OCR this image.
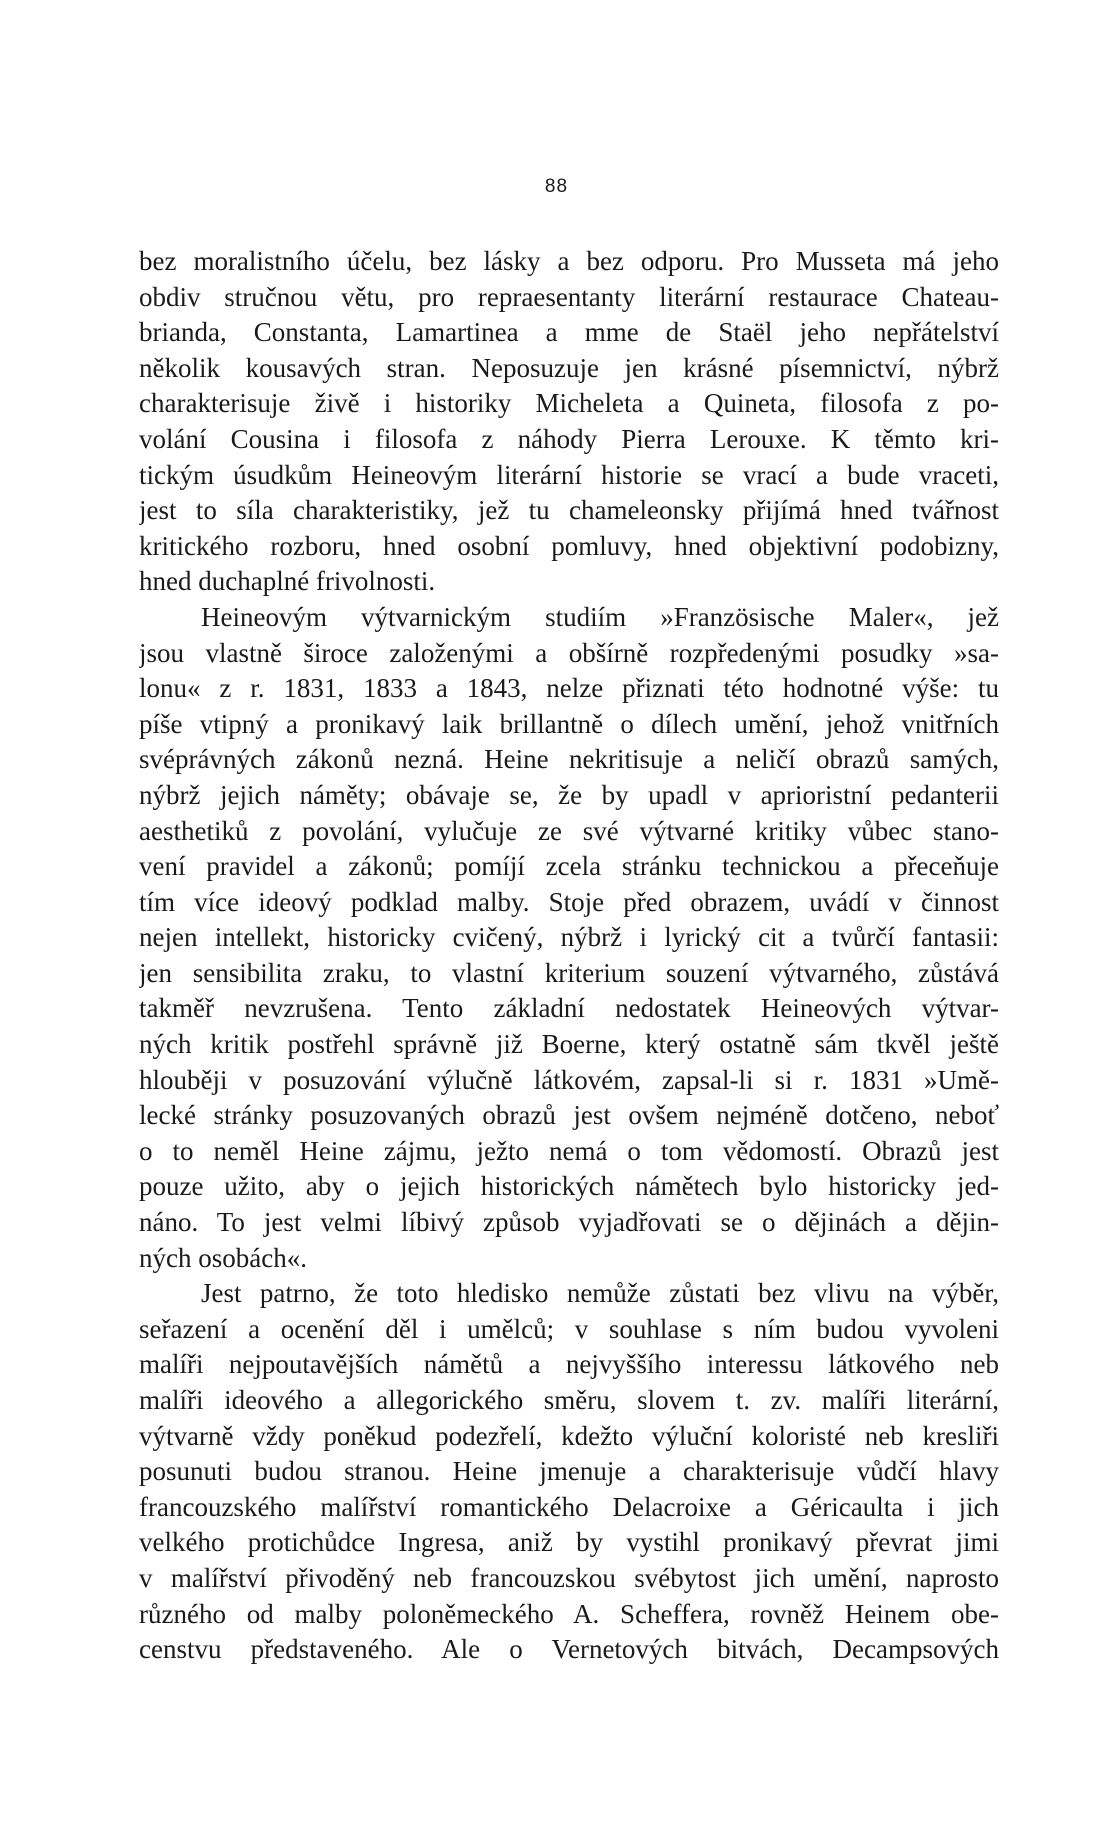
88
bez moralistního účelu, bez lásky a bez odporu. Pro Musseta má jeho
obdiv stručnou větu, pro repraesentanty literární restaurace Chateau-
brianda, Constanta, Lamartinea a mme de Staël jeho nepřátelství
několik kousavých stran. Neposuzuje jen krásné písemnictví, nýbrž
charakterisuje živě i historiky Micheleta a Quineta, filosofa z po-
volání Cousina i filosofa z náhody Pierra Lerouxe. K těmto kri-
tickým úsudkům Heineovým literární historie se vrací a bude vraceti,
jest to síla charakteristiky, jež tu chameleonsky přijímá hned tvářnost
kritického rozboru, hned osobní pomluvy, hned objektivní podobizny,
hned duchaplné frivolnosti.
Heineovým výtvarnickým studiím »Französische Maler«, jež
jsou vlastně široce založenými a obšírně rozpředenými posudky »sa-
lonu« z r. 1831, 1833 a 1843, nelze přiznati této hodnotné výše: tu
píše vtipný a pronikavý laik brillantně o dílech umění, jehož vnitřních
svéprávných zákonů nezná. Heine nekritisuje a neličí obrazů samých,
nýbrž jejich náměty; obávaje se, že by upadl v aprioristní pedanterii
aesthetiků z povolání, vylučuje ze své výtvarné kritiky vůbec stano-
vení pravidel a zákonů; pomíjí zcela stránku technickou a přeceňuje
tím více ideový podklad malby. Stoje před obrazem, uvádí v činnost
nejen intellekt, historicky cvičený, nýbrž i lyrický cit a tvůrčí fantasii:
jen sensibilita zraku, to vlastní kriterium souzení výtvarného, zůstává
takměř nevzrušena. Tento základní nedostatek Heineových výtvar-
ných kritik postřehl správně již Boerne, který ostatně sám tkvěl ještě
hlouběji v posuzování výlučně látkovém, zapsal-li si r. 1831 »Umě-
lecké stránky posuzovaných obrazů jest ovšem nejméně dotčeno, neboť
o to neměl Heine zájmu, ježto nemá o tom vědomostí. Obrazů jest
pouze užito, aby o jejich historických námětech bylo historicky jed-
náno. To jest velmi líbivý způsob vyjadřovati se o dějinách a dějin-
ných osobách«.
Jest patrno, že toto hledisko nemůže zůstati bez vlivu na výběr,
seřazení a ocenění děl i umělců; v souhlase s ním budou vyvoleni
malíři nejpoutavějších námětů a nejvyššího interessu látkového neb
malíři ideového a allegorického směru, slovem t. zv. malíři literární,
výtvarně vždy poněkud podezřelí, kdežto výluční koloristé neb kresliři
posunuti budou stranou. Heine jmenuje a charakterisuje vůdčí hlavy
francouzského malířství romantického Delacroixe a Géricaulta i jich
velkého protichůdce Ingresa, aniž by vystihl pronikavý převrat jimi
v malířství přivoděný neb francouzskou svébytost jich umění, naprosto
různého od malby poloněmeckého A. Scheffera, rovněž Heinem obe-
censtvu představeného. Ale o Vernetových bitvách, Decampsových
